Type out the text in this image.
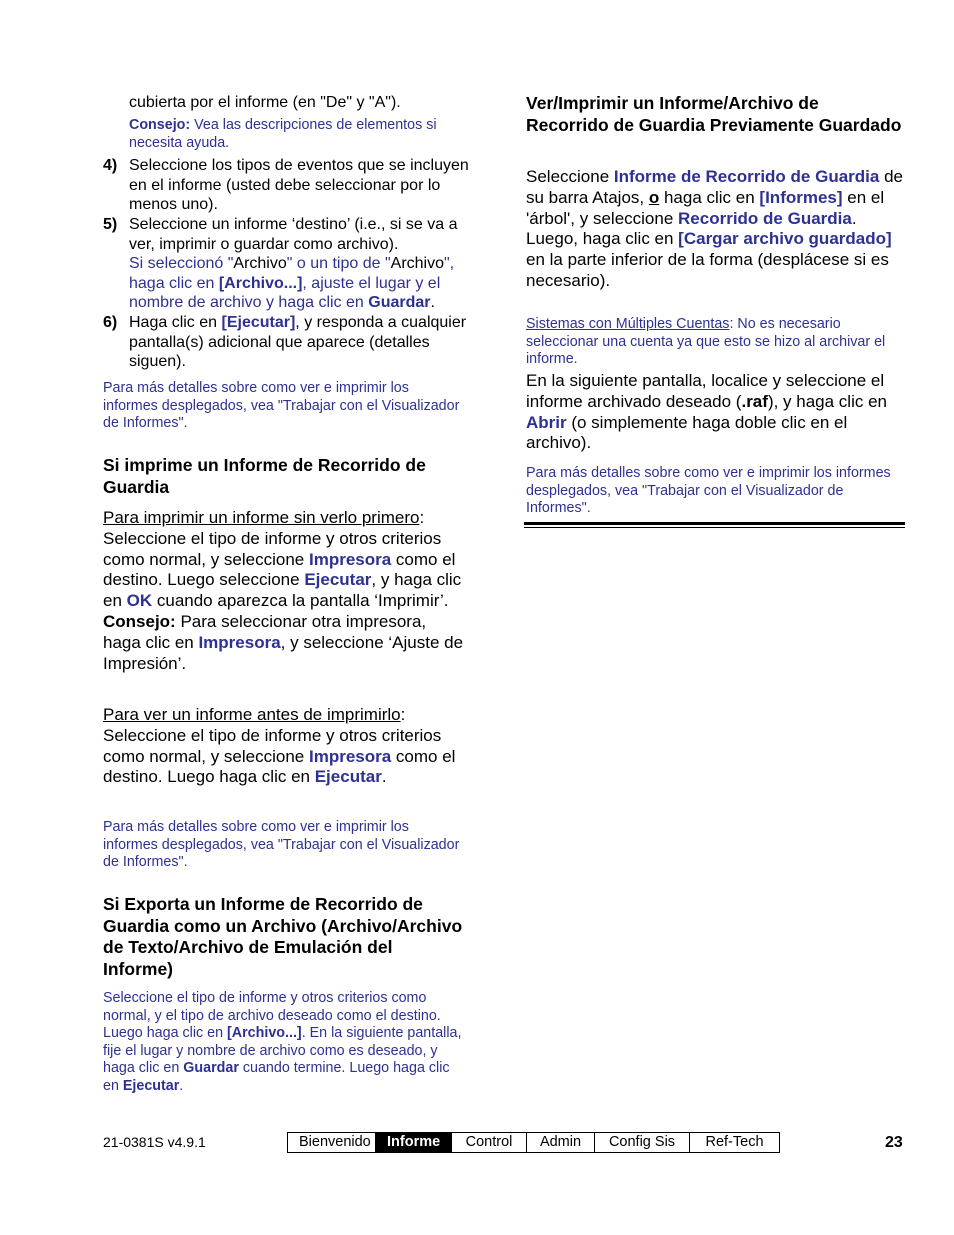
cubierta por el informe (en "De" y "A").

Consejo: Vea las descripciones de elementos si necesita ayuda.

4) Seleccione los tipos de eventos que se incluyen en el informe (usted debe seleccionar por lo menos uno).
5) Seleccione un informe ‘destino’ (i.e., si se va a ver, imprimir o guardar como archivo).
Si seleccionó "Archivo" o un tipo de "Archivo", haga clic en [Archivo...], ajuste el lugar y el nombre de archivo y haga clic en Guardar.
6) Haga clic en [Ejecutar], y responda a cualquier pantalla(s) adicional que aparece (detalles siguen).

Para más detalles sobre como ver e imprimir los informes desplegados, vea "Trabajar con el Visualizador de Informes".

Si imprime un Informe de Recorrido de Guardia

Para imprimir un informe sin verlo primero: Seleccione el tipo de informe y otros criterios como normal, y seleccione Impresora como el destino. Luego seleccione Ejecutar, y haga clic en OK cuando aparezca la pantalla ‘Imprimir’. Consejo: Para seleccionar otra impresora, haga clic en Impresora, y seleccione ‘Ajuste de Impresión’.

Para ver un informe antes de imprimirlo: Seleccione el tipo de informe y otros criterios como normal, y seleccione Impresora como el destino. Luego haga clic en Ejecutar.

Para más detalles sobre como ver e imprimir los informes desplegados, vea "Trabajar con el Visualizador de Informes".

Si Exporta un Informe de Recorrido de Guardia como un Archivo (Archivo/Archivo de Texto/Archivo de Emulación del Informe)

Seleccione el tipo de informe y otros criterios como normal, y el tipo de archivo deseado como el destino. Luego haga clic en [Archivo...]. En la siguiente pantalla, fije el lugar y nombre de archivo como es deseado, y haga clic en Guardar cuando termine. Luego haga clic en Ejecutar.

Ver/Imprimir un Informe/Archivo de Recorrido de Guardia Previamente Guardado

Seleccione Informe de Recorrido de Guardia de su barra Atajos, o haga clic en [Informes] en el 'árbol', y seleccione Recorrido de Guardia. Luego, haga clic en [Cargar archivo guardado] en la parte inferior de la forma (desplácese si es necesario).

Sistemas con Múltiples Cuentas: No es necesario seleccionar una cuenta ya que esto se hizo al archivar el informe.

En la siguiente pantalla, localice y seleccione el informe archivado deseado (.raf), y haga clic en Abrir (o simplemente haga doble clic en el archivo).

Para más detalles sobre como ver e imprimir los informes desplegados, vea "Trabajar con el Visualizador de Informes".

21-0381S v4.9.1	Bienvenido	Informe	Control	Admin	Config Sis	Ref-Tech	23
